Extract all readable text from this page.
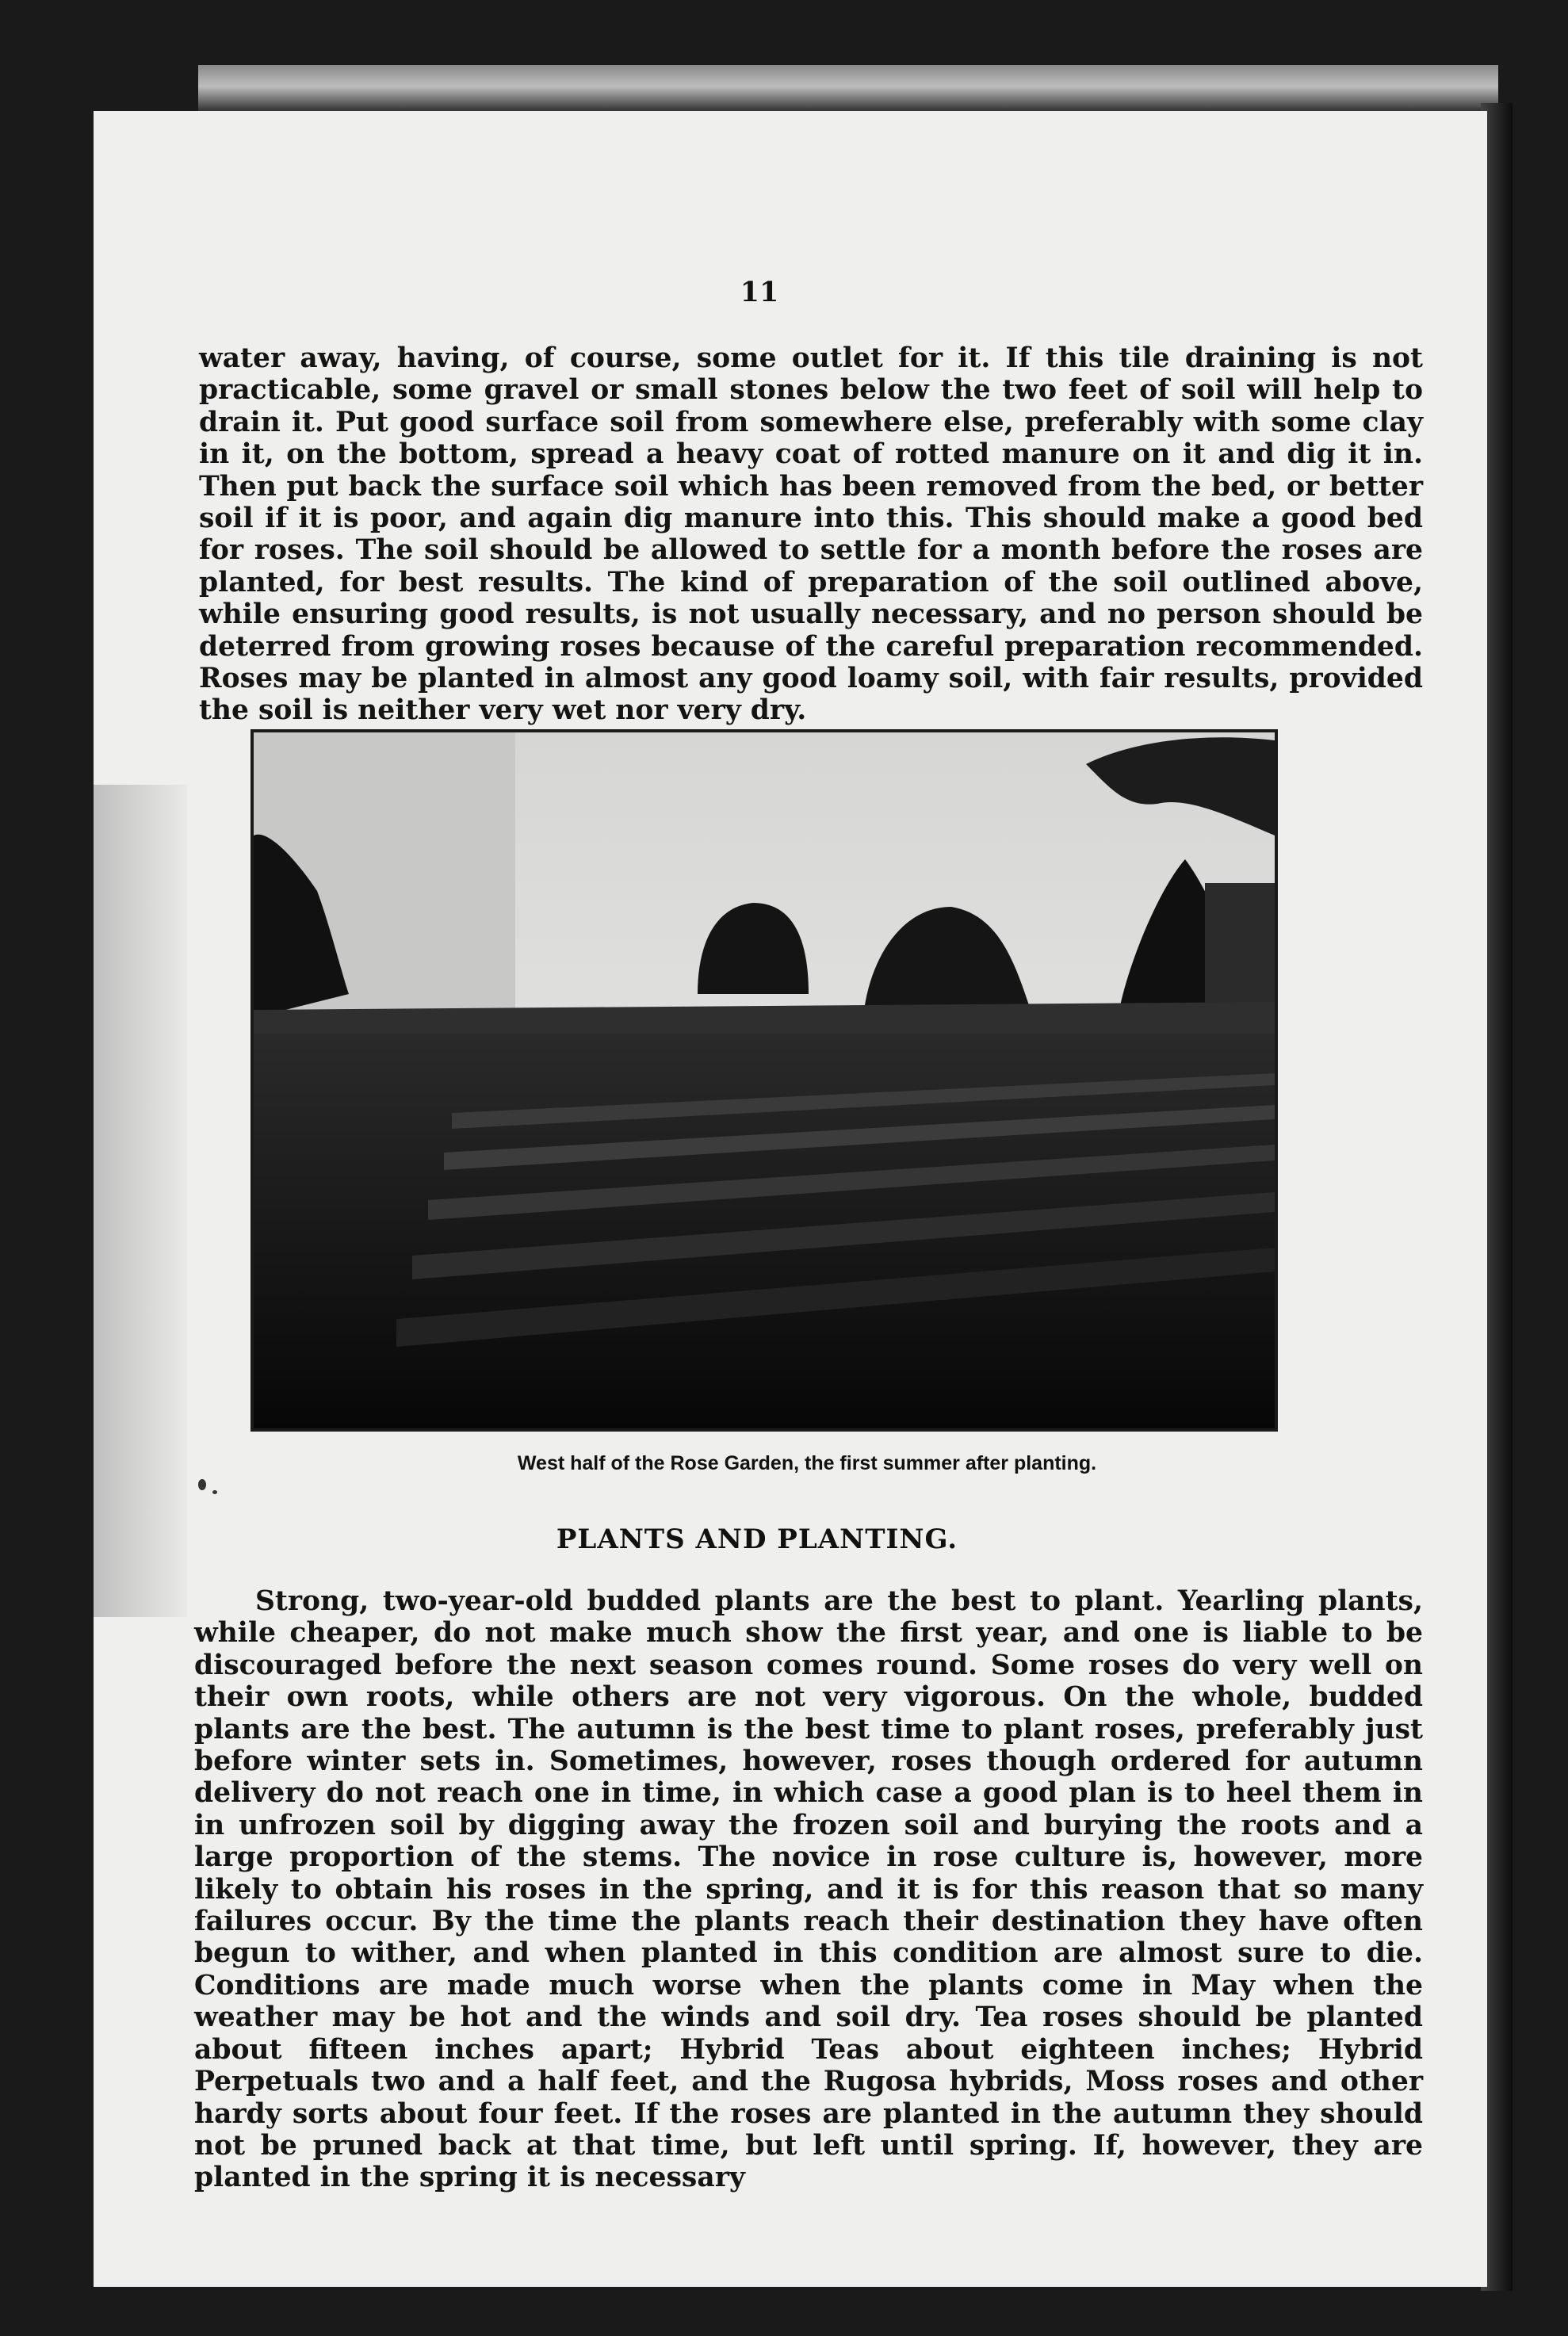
11

water away, having, of course, some outlet for it. If this tile draining is not practicable, some gravel or small stones below the two feet of soil will help to drain it. Put good surface soil from somewhere else, preferably with some clay in it, on the bottom, spread a heavy coat of rotted manure on it and dig it in. Then put back the surface soil which has been removed from the bed, or better soil if it is poor, and again dig manure into this. This should make a good bed for roses. The soil should be allowed to settle for a month before the roses are planted, for best results. The kind of preparation of the soil outlined above, while ensuring good results, is not usually necessary, and no person should be deterred from growing roses because of the careful preparation recommended. Roses may be planted in almost any good loamy soil, with fair results, provided the soil is neither very wet nor very dry.

West half of the Rose Garden, the first summer after planting.
PLANTS AND PLANTING.

Strong, two-year-old budded plants are the best to plant. Yearling plants, while cheaper, do not make much show the first year, and one is liable to be discouraged before the next season comes round. Some roses do very well on their own roots, while others are not very vigorous. On the whole, budded plants are the best. The autumn is the best time to plant roses, preferably just before winter sets in. Sometimes, however, roses though ordered for autumn delivery do not reach one in time, in which case a good plan is to heel them in in unfrozen soil by digging away the frozen soil and burying the roots and a large proportion of the stems. The novice in rose culture is, however, more likely to obtain his roses in the spring, and it is for this reason that so many failures occur. By the time the plants reach their destination they have often begun to wither, and when planted in this condition are almost sure to die. Conditions are made much worse when the plants come in May when the weather may be hot and the winds and soil dry. Tea roses should be planted about fifteen inches apart; Hybrid Teas about eighteen inches; Hybrid Perpetuals two and a half feet, and the Rugosa hybrids, Moss roses and other hardy sorts about four feet. If the roses are planted in the autumn they should not be pruned back at that time, but left until spring. If, however, they are planted in the spring it is necessary
